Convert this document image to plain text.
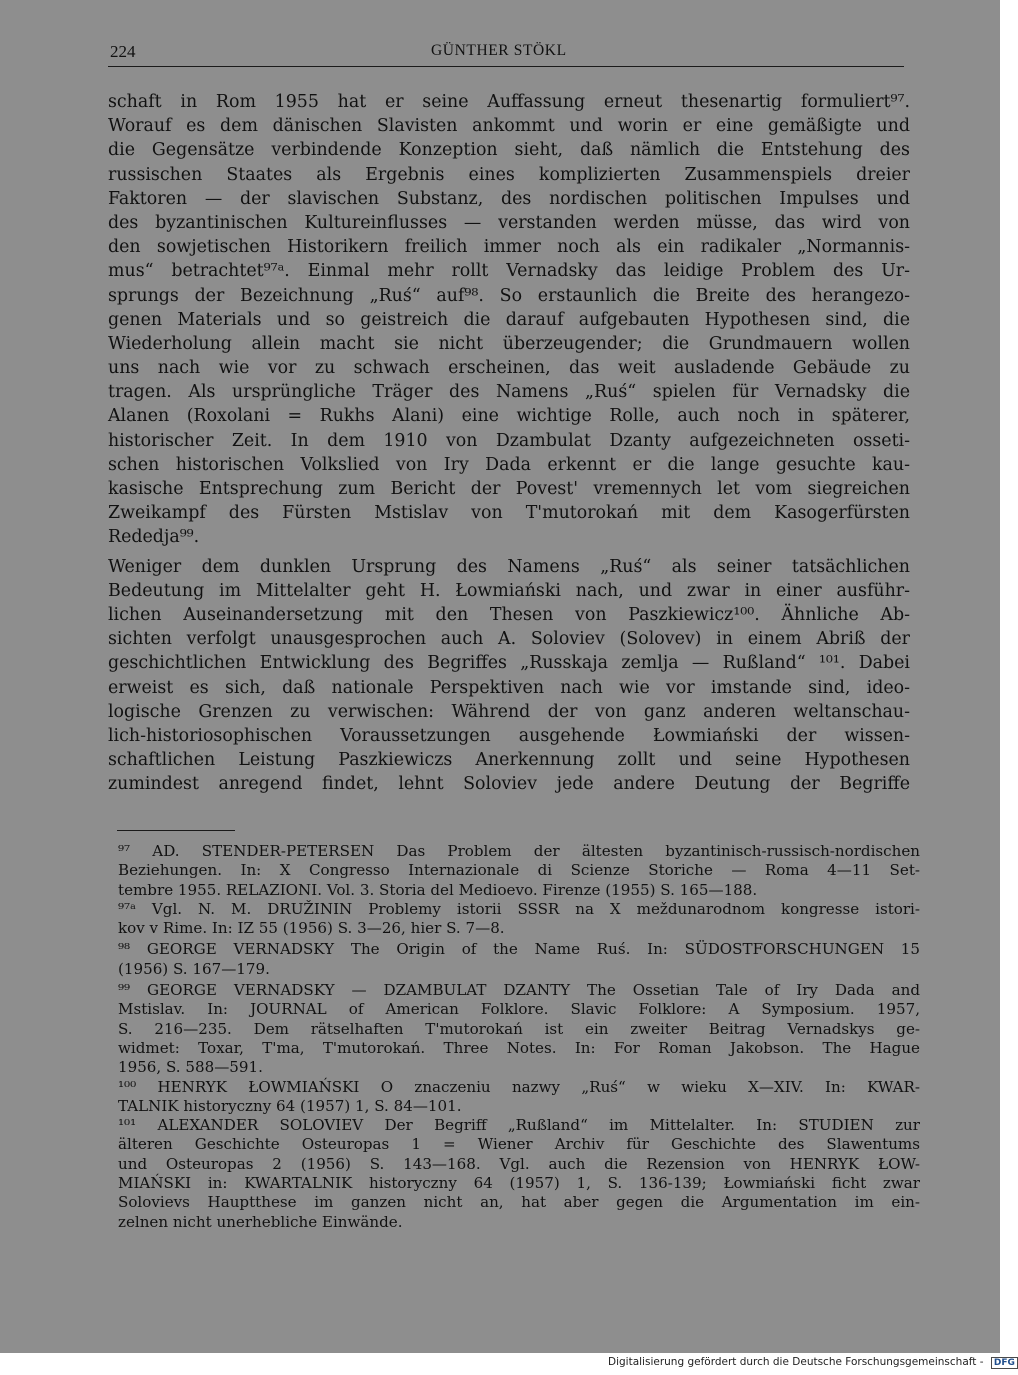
224	GÜNTHER STÖKL
schaft in Rom 1955 hat er seine Auffassung erneut thesenartig formuliert⁹⁷.
Worauf es dem dänischen Slavisten ankommt und worin er eine gemäßigte und
die Gegensätze verbindende Konzeption sieht, daß nämlich die Entstehung des
russischen Staates als Ergebnis eines komplizierten Zusammenspiels dreier
Faktoren — der slavischen Substanz, des nordischen politischen Impulses und
des byzantinischen Kultureinflusses — verstanden werden müsse, das wird von
den sowjetischen Historikern freilich immer noch als ein radikaler „Normannis-
mus“ betrachtet⁹⁷ᵃ. Einmal mehr rollt Vernadsky das leidige Problem des Ur-
sprungs der Bezeichnung „Ruś“ auf⁹⁸. So erstaunlich die Breite des herangezo-
genen Materials und so geistreich die darauf aufgebauten Hypothesen sind, die
Wiederholung allein macht sie nicht überzeugender; die Grundmauern wollen
uns nach wie vor zu schwach erscheinen, das weit ausladende Gebäude zu
tragen. Als ursprüngliche Träger des Namens „Ruś“ spielen für Vernadsky die
Alanen (Roxolani = Rukhs Alani) eine wichtige Rolle, auch noch in späterer,
historischer Zeit. In dem 1910 von Dzambulat Dzanty aufgezeichneten osseti-
schen historischen Volkslied von Iry Dada erkennt er die lange gesuchte kau-
kasische Entsprechung zum Bericht der Povest' vremennych let vom siegreichen
Zweikampf des Fürsten Mstislav von T'mutorokań mit dem Kasogerfürsten
Rededja⁹⁹.
Weniger dem dunklen Ursprung des Namens „Ruś“ als seiner tatsächlichen
Bedeutung im Mittelalter geht H. Łowmiański nach, und zwar in einer ausführ-
lichen Auseinandersetzung mit den Thesen von Paszkiewicz¹⁰⁰. Ähnliche Ab-
sichten verfolgt unausgesprochen auch A. Soloviev (Solovev) in einem Abriß der
geschichtlichen Entwicklung des Begriffes „Russkaja zemlja — Rußland“ ¹⁰¹. Dabei
erweist es sich, daß nationale Perspektiven nach wie vor imstande sind, ideo-
logische Grenzen zu verwischen: Während der von ganz anderen weltanschau-
lich-historiosophischen Voraussetzungen ausgehende Łowmiański der wissen-
schaftlichen Leistung Paszkiewiczs Anerkennung zollt und seine Hypothesen
zumindest anregend findet, lehnt Soloviev jede andere Deutung der Begriffe
⁹⁷ AD. STENDER-PETERSEN Das Problem der ältesten byzantinisch-russisch-nordischen
Beziehungen. In: X Congresso Internazionale di Scienze Storiche — Roma 4—11 Set-
tembre 1955. RELAZIONI. Vol. 3. Storia del Medioevo. Firenze (1955) S. 165—188.
⁹⁷ᵃ Vgl. N. M. DRUŽININ Problemy istorii SSSR na X meždunarodnom kongresse istori-
kov v Rime. In: IZ 55 (1956) S. 3—26, hier S. 7—8.
⁹⁸ GEORGE VERNADSKY The Origin of the Name Ruś. In: SÜDOSTFORSCHUNGEN 15
(1956) S. 167—179.
⁹⁹ GEORGE VERNADSKY — DZAMBULAT DZANTY The Ossetian Tale of Iry Dada and
Mstislav. In: JOURNAL of American Folklore. Slavic Folklore: A Symposium. 1957,
S. 216—235. Dem rätselhaften T'mutorokań ist ein zweiter Beitrag Vernadskys ge-
widmet: Toxar, T'ma, T'mutorokań. Three Notes. In: For Roman Jakobson. The Hague
1956, S. 588—591.
¹⁰⁰ HENRYK ŁOWMIAŃSKI O znaczeniu nazwy „Ruś“ w wieku X—XIV. In: KWAR-
TALNIK historyczny 64 (1957) 1, S. 84—101.
¹⁰¹ ALEXANDER SOLOVIEV Der Begriff „Rußland“ im Mittelalter. In: STUDIEN zur
älteren Geschichte Osteuropas 1 = Wiener Archiv für Geschichte des Slawentums
und Osteuropas 2 (1956) S. 143—168. Vgl. auch die Rezension von HENRYK ŁOW-
MIAŃSKI in: KWARTALNIK historyczny 64 (1957) 1, S. 136-139; Łowmiański ficht zwar
Solovievs Hauptthese im ganzen nicht an, hat aber gegen die Argumentation im ein-
zelnen nicht unerhebliche Einwände.
Digitalisierung gefördert durch die Deutsche Forschungsgemeinschaft - DFG
